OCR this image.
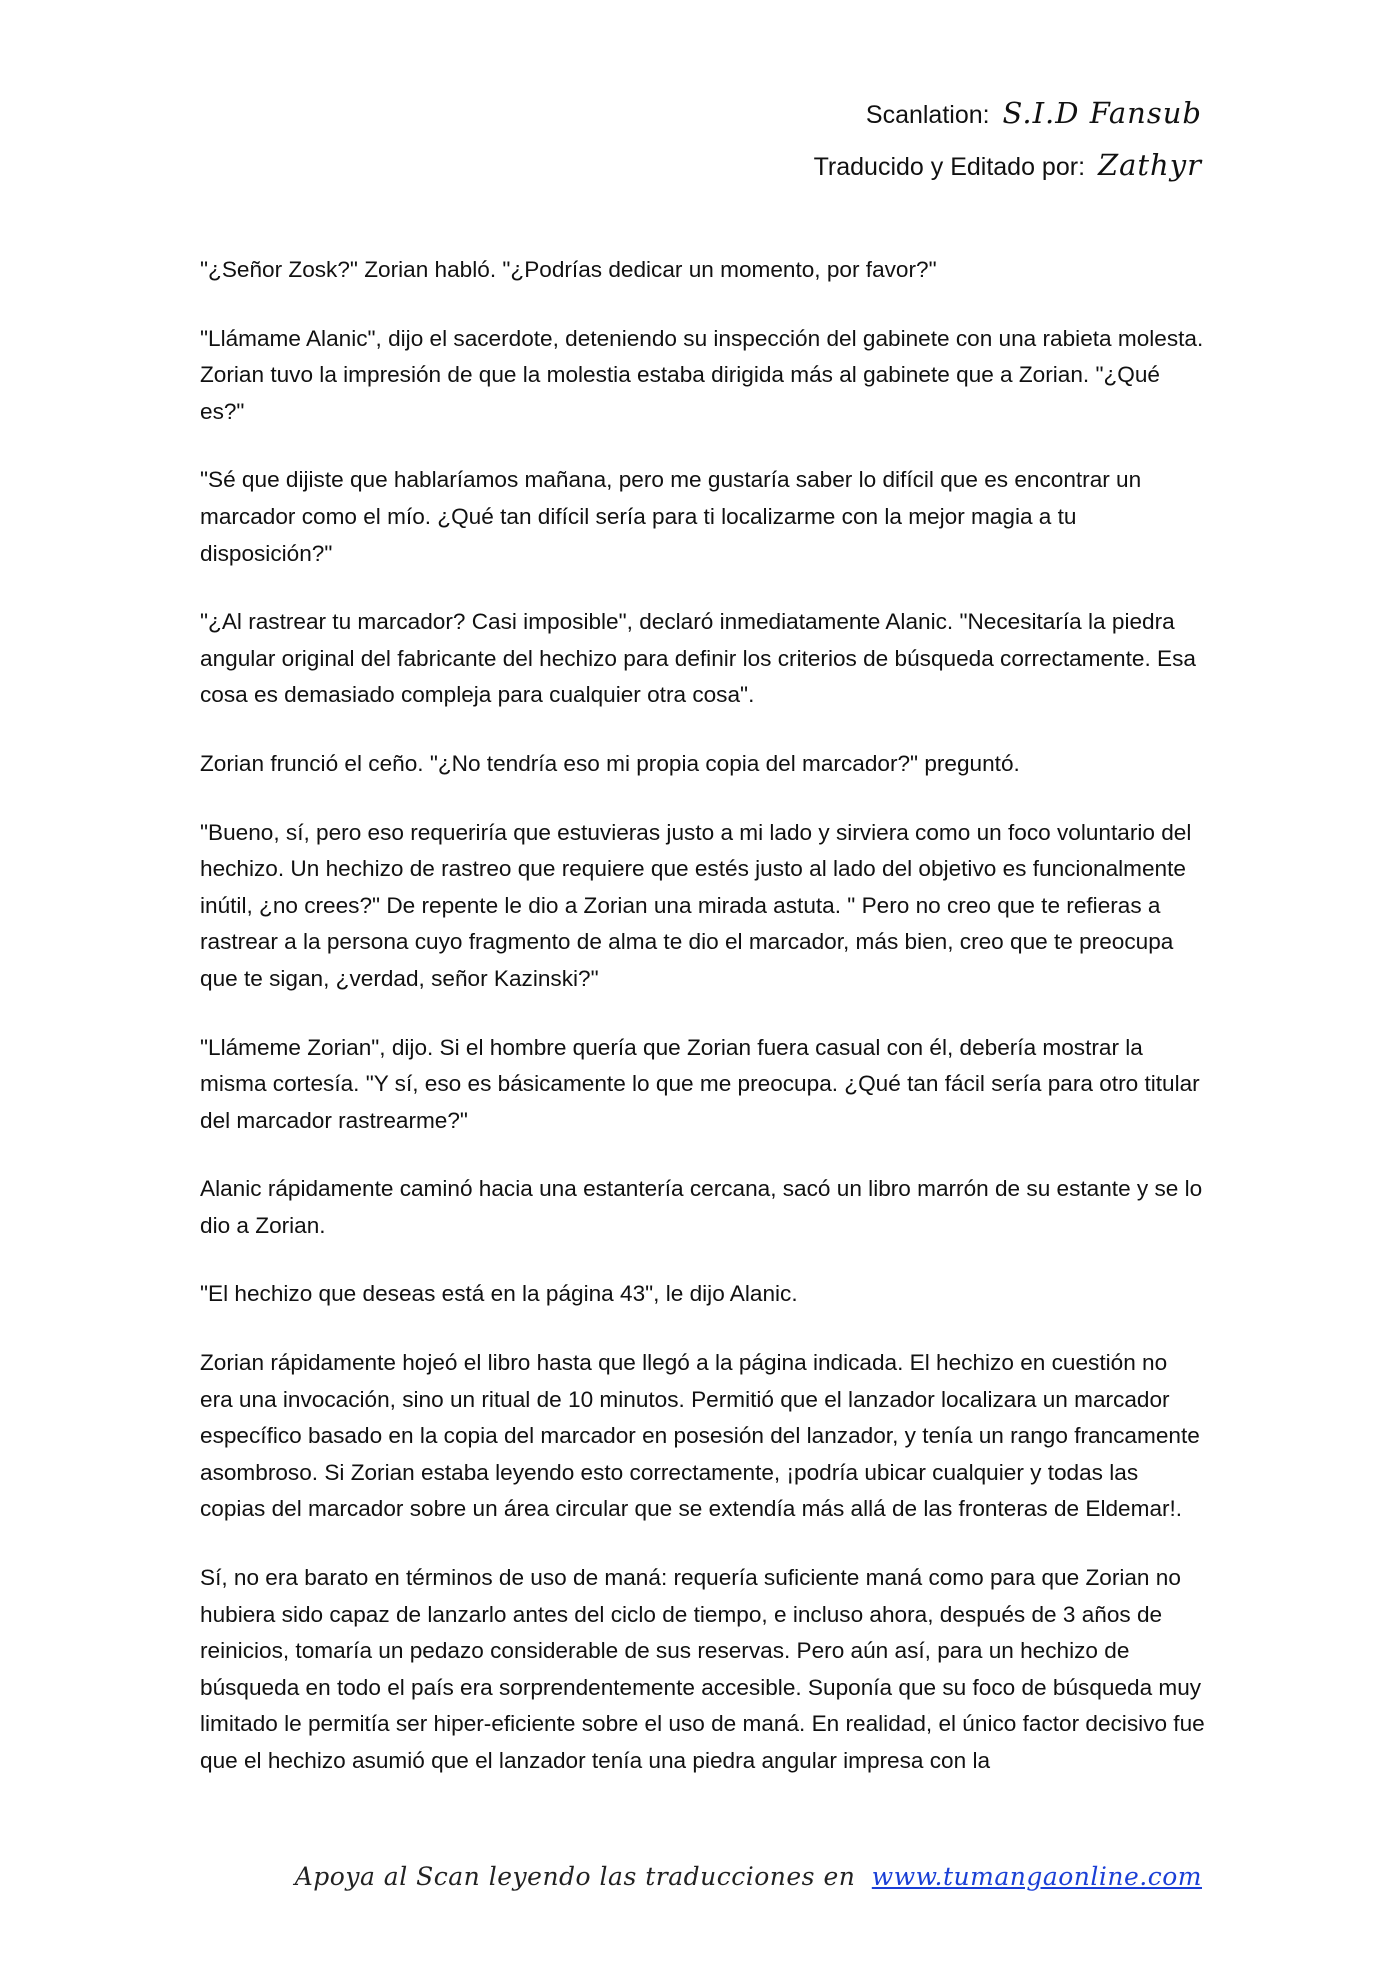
Scanlation: S.I.D Fansub
Traducido y Editado por: Zathyr

"¿Señor Zosk?" Zorian habló. "¿Podrías dedicar un momento, por favor?"

"Llámame Alanic", dijo el sacerdote, deteniendo su inspección del gabinete con una rabieta molesta. Zorian tuvo la impresión de que la molestia estaba dirigida más al gabinete que a Zorian. "¿Qué es?"

"Sé que dijiste que hablaríamos mañana, pero me gustaría saber lo difícil que es encontrar un marcador como el mío. ¿Qué tan difícil sería para ti localizarme con la mejor magia a tu disposición?"

"¿Al rastrear tu marcador? Casi imposible", declaró inmediatamente Alanic. "Necesitaría la piedra angular original del fabricante del hechizo para definir los criterios de búsqueda correctamente. Esa cosa es demasiado compleja para cualquier otra cosa".

Zorian frunció el ceño. "¿No tendría eso mi propia copia del marcador?" preguntó.

"Bueno, sí, pero eso requeriría que estuvieras justo a mi lado y sirviera como un foco voluntario del hechizo. Un hechizo de rastreo que requiere que estés justo al lado del objetivo es funcionalmente inútil, ¿no crees?" De repente le dio a Zorian una mirada astuta. " Pero no creo que te refieras a rastrear a la persona cuyo fragmento de alma te dio el marcador, más bien, creo que te preocupa que te sigan, ¿verdad, señor Kazinski?"

"Llámeme Zorian", dijo. Si el hombre quería que Zorian fuera casual con él, debería mostrar la misma cortesía. "Y sí, eso es básicamente lo que me preocupa. ¿Qué tan fácil sería para otro titular del marcador rastrearme?"

Alanic rápidamente caminó hacia una estantería cercana, sacó un libro marrón de su estante y se lo dio a Zorian.

"El hechizo que deseas está en la página 43", le dijo Alanic.

Zorian rápidamente hojeó el libro hasta que llegó a la página indicada. El hechizo en cuestión no era una invocación, sino un ritual de 10 minutos. Permitió que el lanzador localizara un marcador específico basado en la copia del marcador en posesión del lanzador, y tenía un rango francamente asombroso. Si Zorian estaba leyendo esto correctamente, ¡podría ubicar cualquier y todas las copias del marcador sobre un área circular que se extendía más allá de las fronteras de Eldemar!.

Sí, no era barato en términos de uso de maná: requería suficiente maná como para que Zorian no hubiera sido capaz de lanzarlo antes del ciclo de tiempo, e incluso ahora, después de 3 años de reinicios, tomaría un pedazo considerable de sus reservas. Pero aún así, para un hechizo de búsqueda en todo el país era sorprendentemente accesible. Suponía que su foco de búsqueda muy limitado le permitía ser hiper-eficiente sobre el uso de maná. En realidad, el único factor decisivo fue que el hechizo asumió que el lanzador tenía una piedra angular impresa con la

Apoya al Scan leyendo las traducciones en www.tumangaonline.com
